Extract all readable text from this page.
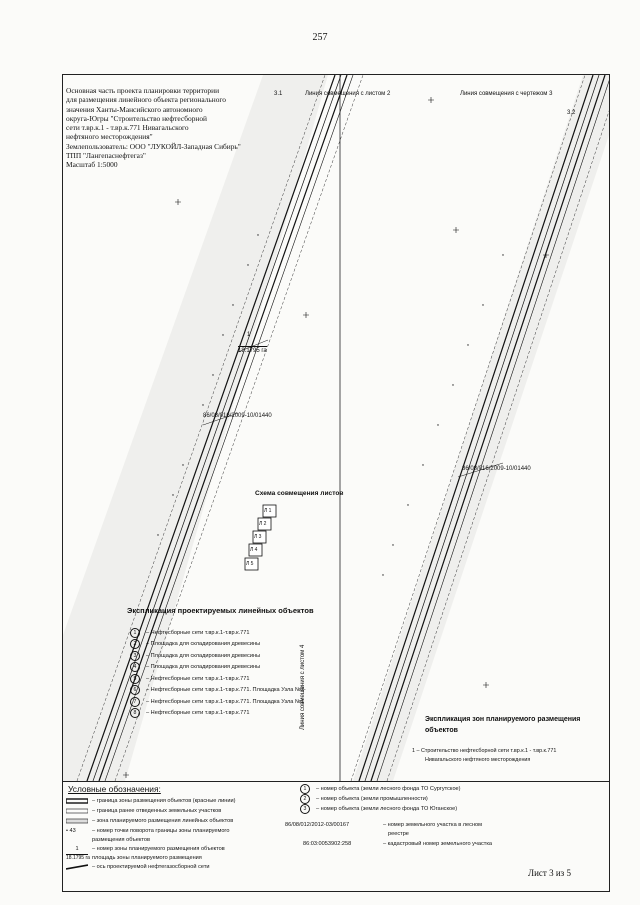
257
Линия совмещения с листом 2	Линия совмещения с чертежом 3
3.1
3.2
1
18.1795 га
86/08/016/2009-10/01440
86/08/016/2009-10/01440
Схема совмещения листов
Л 1
Л 2
Л 3
Л 4
Л 5
Линия совмещения с листом 4
Основная часть проекта планировки территории
для размещения линейного объекта регионального
значения Ханты-Мансийского автономного
округа-Югры "Строительство нефтесборной
сети т.вр.к.1 - т.вр.к.771 Нивагальского
нефтяного месторождения"
Землепользователь: ООО "ЛУКОЙЛ-Западная Сибирь"
ТПП "Лангепаснефтегаз"
Масштаб 1:5000
Экспликация проектируемых линейных объектов
1	– Нефтесборные сети т.вр.к.1-т.вр.к.771
2	– Площадка для складирования древесины
3	– Площадка для складирования древесины
4	– Площадка для складирования древесины
5	– Нефтесборные сети т.вр.к.1-т.вр.к.771
6	– Нефтесборные сети т.вр.к.1-т.вр.к.771. Площадка Узла №2
7	– Нефтесборные сети т.вр.к.1-т.вр.к.771. Площадка Узла №1
8	– Нефтесборные сети т.вр.к.1-т.вр.к.771
Экспликация зон планируемого размещения
объектов
1 – Строительство нефтесборной сети т.вр.к.1 - т.вр.к.771
Нивагальского нефтяного месторождения
Условные обозначения:
– граница зоны размещения объектов (красные линии)
– граница ранее отведенных земельных участков
– зона планируемого размещения линейных объектов
• 43	– номер точки поворота границы зоны планируемого
размещения объектов
1	– номер зоны планируемого размещения объектов
18.1795 га площадь зоны планируемого размещения
– ось проектируемой нефтегазосборной сети
1	– номер объекта (земли лесного фонда ТО Сургутское)
2	– номер объекта (земли промышленности)
3	– номер объекта (земли лесного фонда ТО Юганское)
86/08/012/2012-03/00167	– номер земельного участка в лесном
реестре
86:03:0053902:258	– кадастровый номер земельного участка
Лист 3 из 5
